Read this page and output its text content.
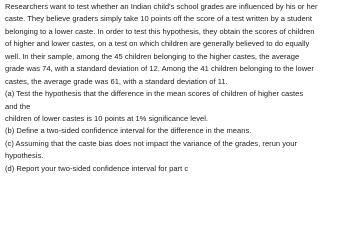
Researchers want to test whether an Indian child's school grades are influenced by his or her
caste. They believe graders simply take 10 points off the score of a test written by a student
belonging to a lower caste. In order to test this hypothesis, they obtain the scores of children
of higher and lower castes, on a test on which children are generally believed to do equally
well. In their sample, among the 45 children belonging to the higher castes, the average
grade was 74, with a standard deviation of 12. Among the 41 children belonging to the lower
castes, the average grade was 61, with a standard deviation of 11.
(a) Test the hypothesis that the difference in the mean scores of children of higher castes
and the
children of lower castes is 10 points at 1% significance level.
(b) Define a two-sided confidence interval for the difference in the means.
(c) Assuming that the caste bias does not impact the variance of the grades, rerun your
hypothesis.
(d) Report your two-sided confidence interval for part c
